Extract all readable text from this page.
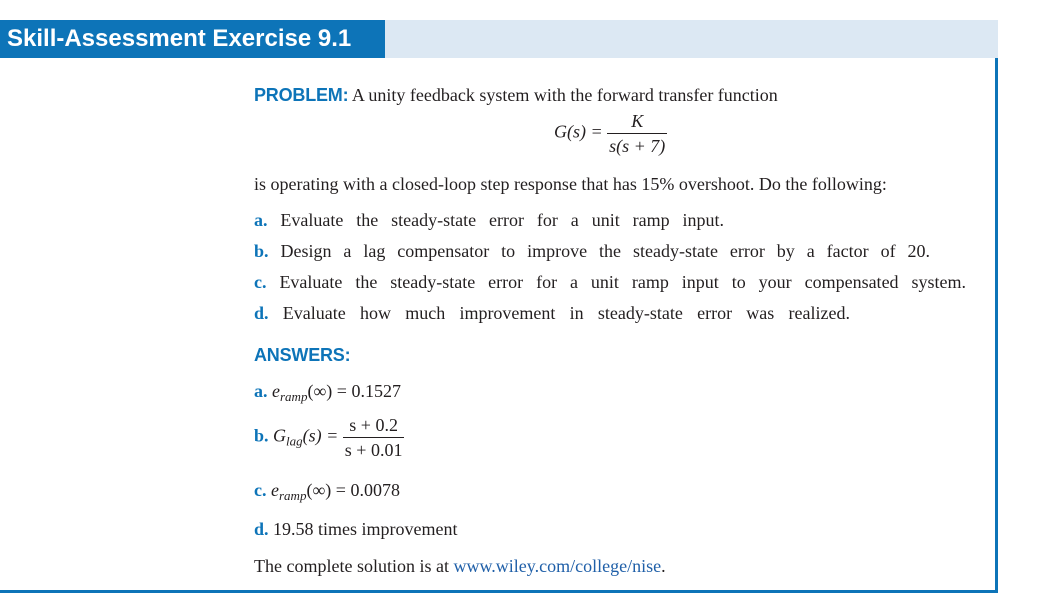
Skill-Assessment Exercise 9.1
PROBLEM: A unity feedback system with the forward transfer function
$G(s) = \frac{K}{s(s + 7)}$
is operating with a closed-loop step response that has 15% overshoot. Do the following:
a. Evaluate the steady-state error for a unit ramp input.
b. Design a lag compensator to improve the steady-state error by a factor of 20.
c. Evaluate the steady-state error for a unit ramp input to your compensated system.
d. Evaluate how much improvement in steady-state error was realized.
ANSWERS:
a. $e_{ramp}(\infty) = 0.1527$
b. $G_{lag}(s) = \frac{s + 0.2}{s + 0.01}$
c. $e_{ramp}(\infty) = 0.0078$
d. 19.58 times improvement
The complete solution is at www.wiley.com/college/nise.
